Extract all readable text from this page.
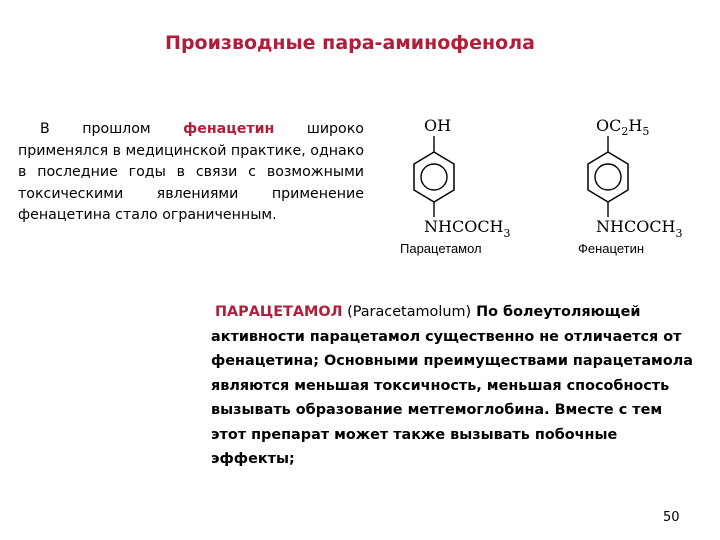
Производные пара-аминофенола
В прошлом фенацетин широко применялся в медицинской практике, однако в последние годы в связи с возможными токсическими явлениями применение фенацетина стало ограниченным.
OH
$NHCOCH_3$
Парацетамол
$OC_2H_5$
$NHCOCH_3$
Фенацетин
ПАРАЦЕТАМОЛ (Paracetamolum) По болеутоляющей активности парацетамол существенно не отличается от фенацетина; Основными преимуществами парацетамола являются меньшая токсичность, меньшая способность вызывать образование метгемоглобина. Вместе с тем этот препарат может также вызывать побочные эффекты;
50
